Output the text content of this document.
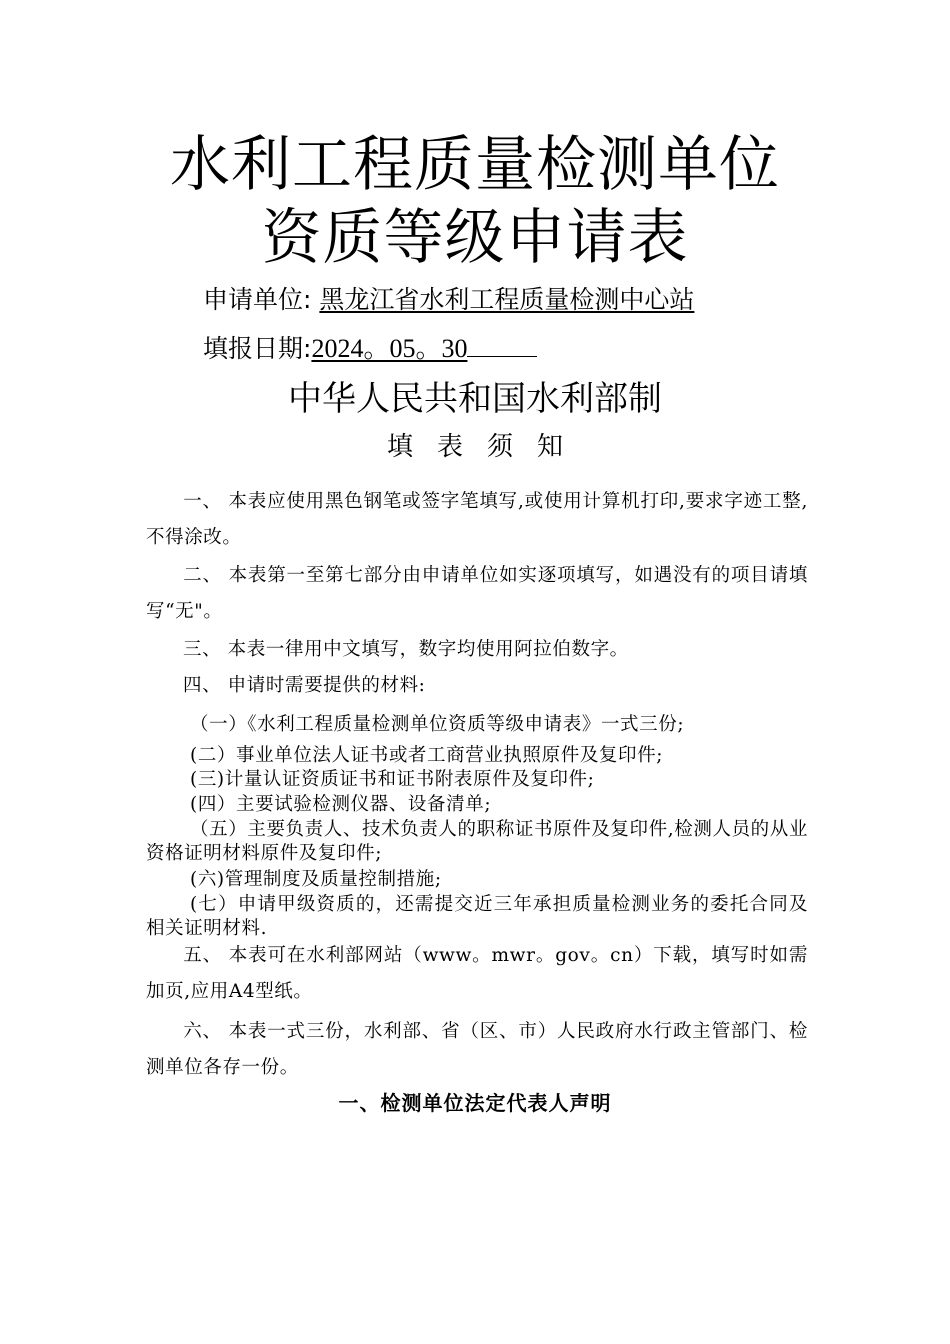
水利工程质量检测单位
资质等级申请表
申请单位: 黑龙江省水利工程质量检测中心站
填报日期:2024。05。30
中华人民共和国水利部制
填表须知
一、 本表应使用黑色钢笔或签字笔填写,或使用计算机打印,要求字迹工整,不得涂改。
二、 本表第一至第七部分由申请单位如实逐项填写，如遇没有的项目请填写“无"。
三、 本表一律用中文填写，数字均使用阿拉伯数字。
四、 申请时需要提供的材料:
（一）《水利工程质量检测单位资质等级申请表》一式三份;
(二）事业单位法人证书或者工商营业执照原件及复印件;
(三)计量认证资质证书和证书附表原件及复印件;
(四）主要试验检测仪器、设备清单;
（五）主要负责人、技术负责人的职称证书原件及复印件,检测人员的从业资格证明材料原件及复印件;
(六)管理制度及质量控制措施;
(七）申请甲级资质的，还需提交近三年承担质量检测业务的委托合同及相关证明材料.
五、 本表可在水利部网站（www。mwr。gov。cn）下载，填写时如需加页,应用A4型纸。
六、 本表一式三份，水利部、省（区、市）人民政府水行政主管部门、检测单位各存一份。
一、检测单位法定代表人声明
